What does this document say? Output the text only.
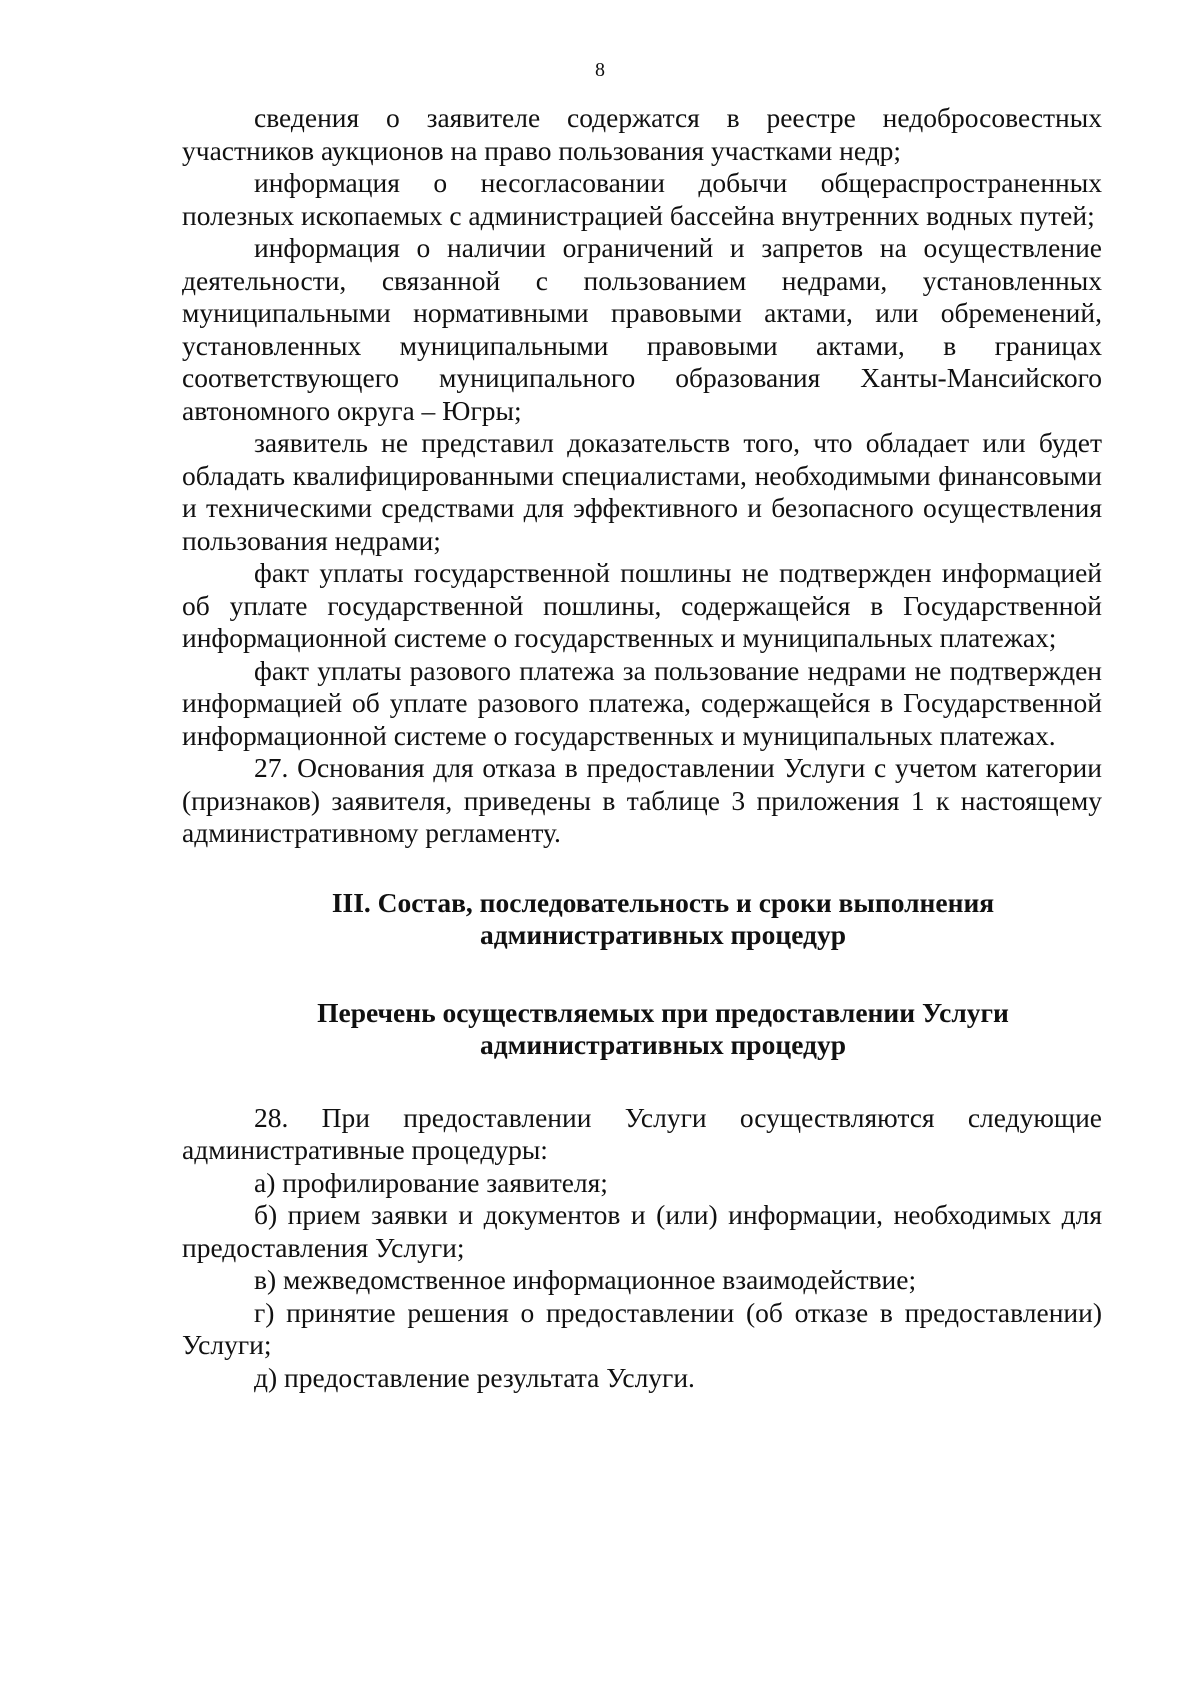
8

сведения о заявителе содержатся в реестре недобросовестных участников аукционов на право пользования участками недр;

информация о несогласовании добычи общераспространенных полезных ископаемых с администрацией бассейна внутренних водных путей;

информация о наличии ограничений и запретов на осуществление деятельности, связанной с пользованием недрами, установленных муниципальными нормативными правовыми актами, или обременений, установленных муниципальными правовыми актами, в границах соответствующего муниципального образования Ханты-Мансийского автономного округа – Югры;

заявитель не представил доказательств того, что обладает или будет обладать квалифицированными специалистами, необходимыми финансовыми и техническими средствами для эффективного и безопасного осуществления пользования недрами;

факт уплаты государственной пошлины не подтвержден информацией об уплате государственной пошлины, содержащейся в Государственной информационной системе о государственных и муниципальных платежах;

факт уплаты разового платежа за пользование недрами не подтвержден информацией об уплате разового платежа, содержащейся в Государственной информационной системе о государственных и муниципальных платежах.

27. Основания для отказа в предоставлении Услуги с учетом категории (признаков) заявителя, приведены в таблице 3 приложения 1 к настоящему административному регламенту.

III. Состав, последовательность и сроки выполнения
административных процедур
Перечень осуществляемых при предоставлении Услуги
административных процедур

28. При предоставлении Услуги осуществляются следующие административные процедуры:

а) профилирование заявителя;

б) прием заявки и документов и (или) информации, необходимых для предоставления Услуги;

в) межведомственное информационное взаимодействие;

г) принятие решения о предоставлении (об отказе в предоставлении) Услуги;

д) предоставление результата Услуги.
